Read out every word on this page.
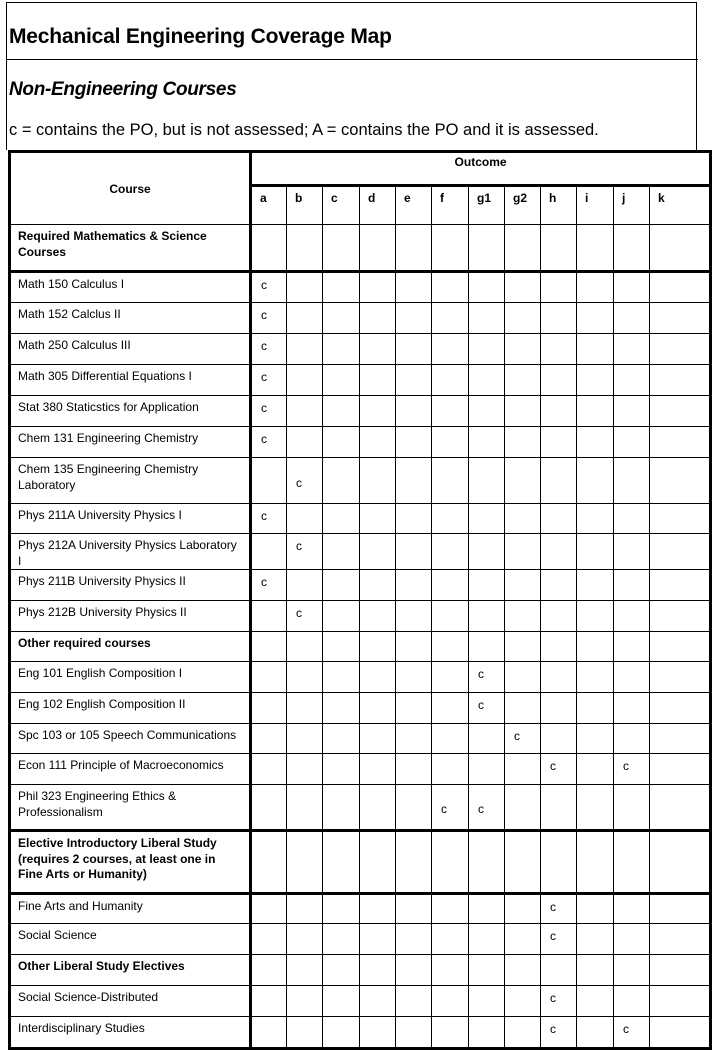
Mechanical Engineering Coverage Map
Non-Engineering Courses
c = contains the PO, but is not assessed; A = contains the PO and it is assessed.
Course	Outcome											
	a	b	c	d	e	f	g1	g2	h	i	j	k
Required Mathematics & Science Courses												
Math 150 Calculus I	c											
Math 152 Calclus II	c											
Math 250 Calculus III	c											
Math 305 Differential Equations I	c											
Stat 380 Staticstics for Application	c											
Chem 131 Engineering Chemistry	c											
Chem 135 Engineering Chemistry Laboratory		c										
Phys 211A University Physics I	c											
Phys 212A University Physics Laboratory I		c										
Phys 211B University Physics II	c											
Phys 212B University Physics II		c										
Other required courses												
Eng 101 English Composition I							c					
Eng 102 English Composition II							c					
Spc 103 or 105 Speech Communications								c				
Econ 111 Principle of Macroeconomics									c		c	
Phil 323 Engineering Ethics & Professionalism						c	c					
Elective Introductory Liberal Study (requires 2 courses, at least one in Fine Arts or Humanity)												
Fine Arts and Humanity									c			
Social Science									c			
Other Liberal Study Electives												
Social Science-Distributed									c			
Interdisciplinary Studies									c		c	
